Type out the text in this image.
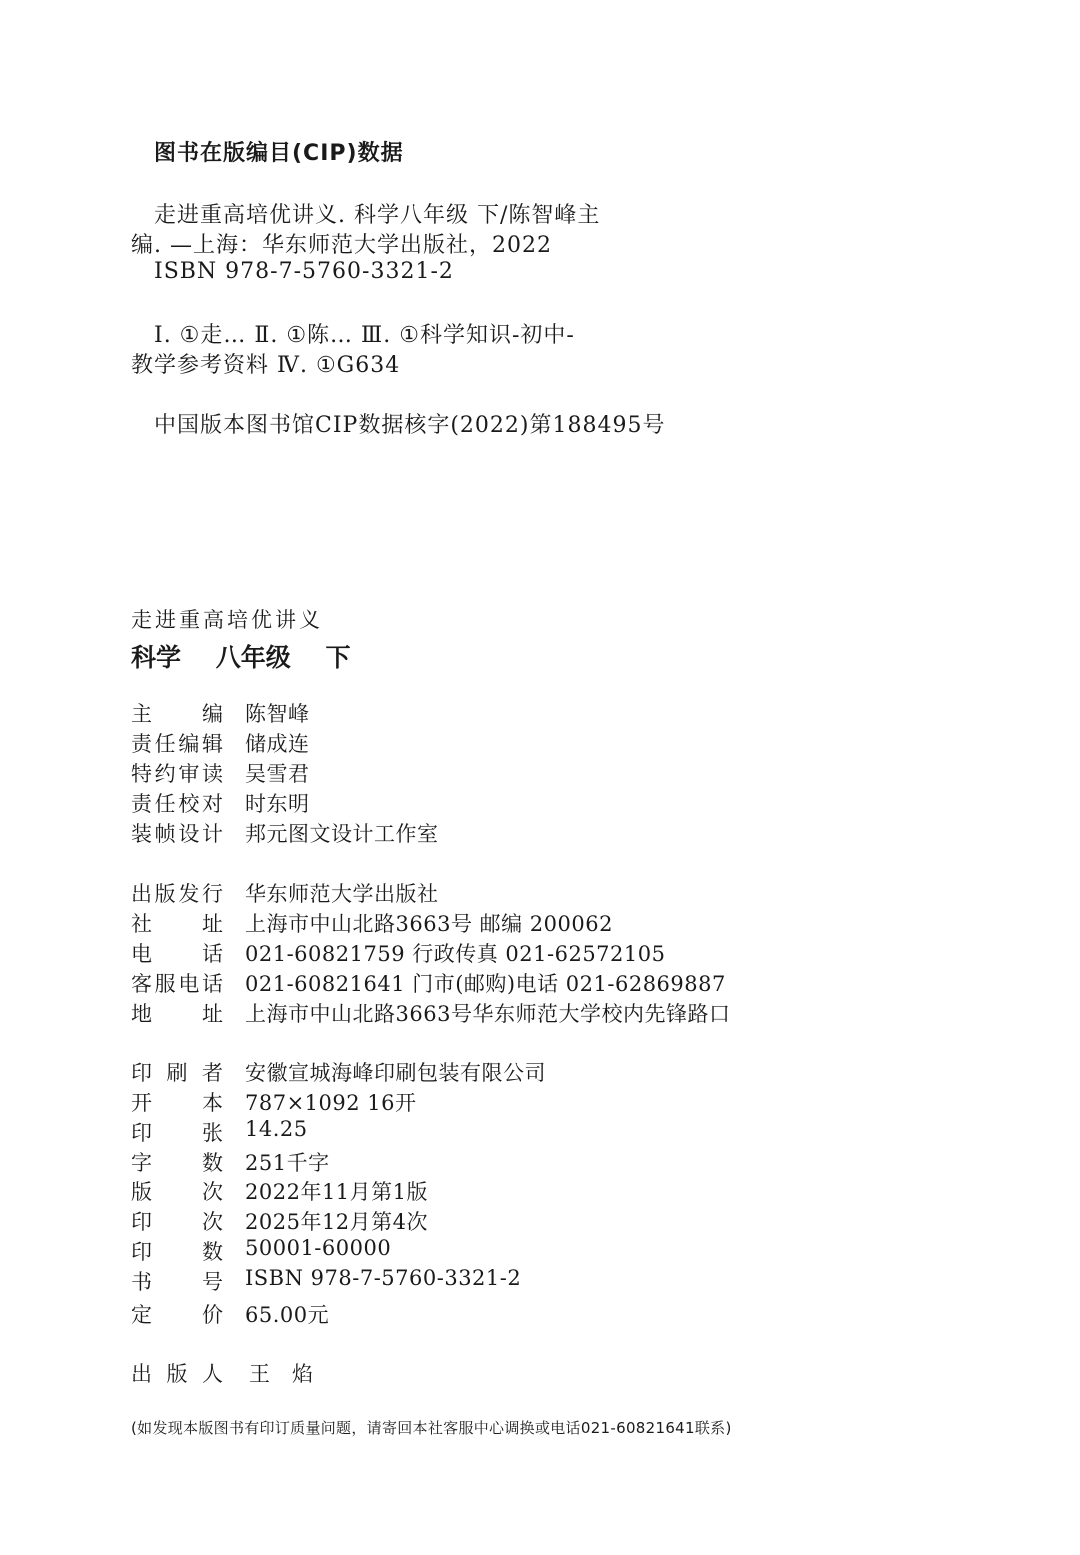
图书在版编目(CIP)数据
走进重高培优讲义. 科学八年级 下/陈智峰主
编. —上海：华东师范大学出版社，2022
ISBN 978-7-5760-3321-2
Ⅰ. ①走… Ⅱ. ①陈… Ⅲ. ①科学知识-初中-
教学参考资料 Ⅳ. ①G634
中国版本图书馆CIP数据核字(2022)第188495号
走进重高培优讲义
科学 八年级 下
主 编 陈智峰
责 任 编 辑 储成连
特 约 审 读 吴雪君
责 任 校 对 时东明
装 帧 设 计 邦元图文设计工作室
出 版 发 行 华东师范大学出版社
社 址 上海市中山北路3663号 邮编 200062
电 话 021-60821759 行政传真 021-62572105
客 服 电 话 021-60821641 门市(邮购)电话 021-62869887
地 址 上海市中山北路3663号华东师范大学校内先锋路口
印 刷 者 安徽宣城海峰印刷包装有限公司
开 本 787×1092 16开
印 张 14.25
字 数 251千字
版 次 2022年11月第1版
印 次 2025年12月第4次
印 数 50001-60000
书 号 ISBN 978-7-5760-3321-2
定 价 65.00元
出 版 人 王焰
(如发现本版图书有印订质量问题，请寄回本社客服中心调换或电话021-60821641联系)
